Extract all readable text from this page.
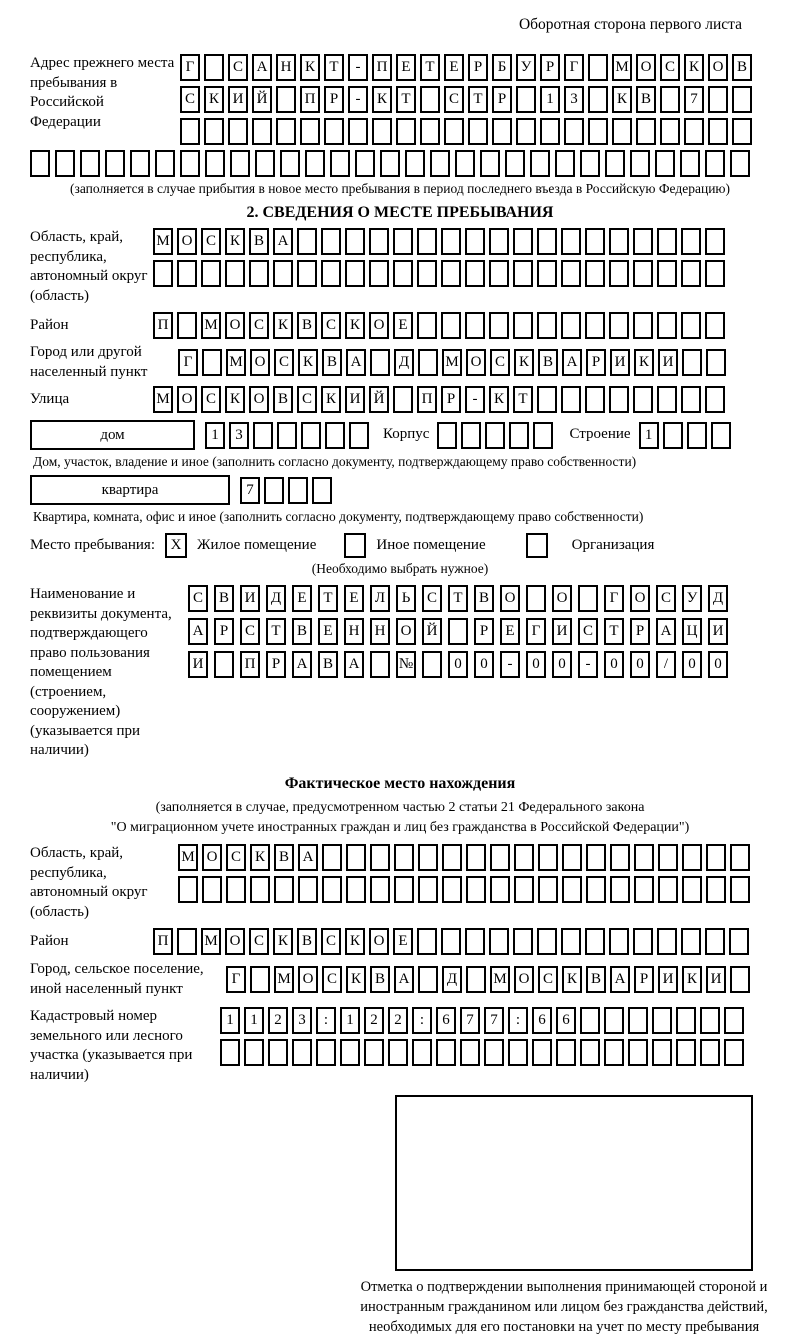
Оборотная сторона первого листа
Адрес прежнего места пребывания в Российской Федерации
Г	С А Н К Т	-	П Е Т Е	Р	Б У Р	Г	М О С К О В
С К И Й	П Р	-	К Т	С Т	Р	1	3	К В	7
(заполняется в случае прибытия в новое место пребывания в период последнего въезда в Российскую Федерацию)
2. СВЕДЕНИЯ О МЕСТЕ ПРЕБЫВАНИЯ
Область, край, республика, автономный округ (область)
М О С К В А
Район	П	М О С К В С К О Е
Город или другой населенный пункт
Г	М О С К В А	Д	М О С К В А Р И К И
Улица	М О С К О В С К И Й	П Р	-	К Т
дом	1	3	Корпус	Строение 1
Дом, участок, владение и иное (заполнить согласно документу, подтверждающему право собственности)
квартира	7
Квартира, комната, офис и иное (заполнить согласно документу, подтверждающему право собственности)
Место пребывания:	X	Жилое помещение	Иное помещение	Организация
(Необходимо выбрать нужное)
Наименование и реквизиты документа, подтверждающего право пользования помещением (строением, сооружением) (указывается при наличии)
С	В	И	Д	Е	Т	Е	Л	Ь	С	Т	В	О	О	Г	О	С	У	Д
А	Р	С	Т	В	Е	Н	Н	О	Й	Р	Е	Г	И	С	Т	Р	А	Ц	И
И	П	Р	А	В	А	№	0	0	-	0	0	-	0	0	/	0	0
Фактическое место нахождения
(заполняется в случае, предусмотренном частью 2 статьи 21 Федерального закона
"О миграционном учете иностранных граждан и лиц без гражданства в Российской Федерации")
Область, край, республика, автономный округ (область)
М О С К В А
Район	П	М О С К В С К О Е
Город, сельское поселение, иной населенный пункт
Г	М О С К В А	Д	М О С К В А Р И К И
Кадастровый номер земельного или лесного участка (указывается при наличии)
1	1	2	3	:	1	2	2	:	6	7	7	:	6	6
Отметка о подтверждении выполнения принимающей стороной и иностранным гражданином или лицом без гражданства действий, необходимых для его постановки на учет по месту пребывания
